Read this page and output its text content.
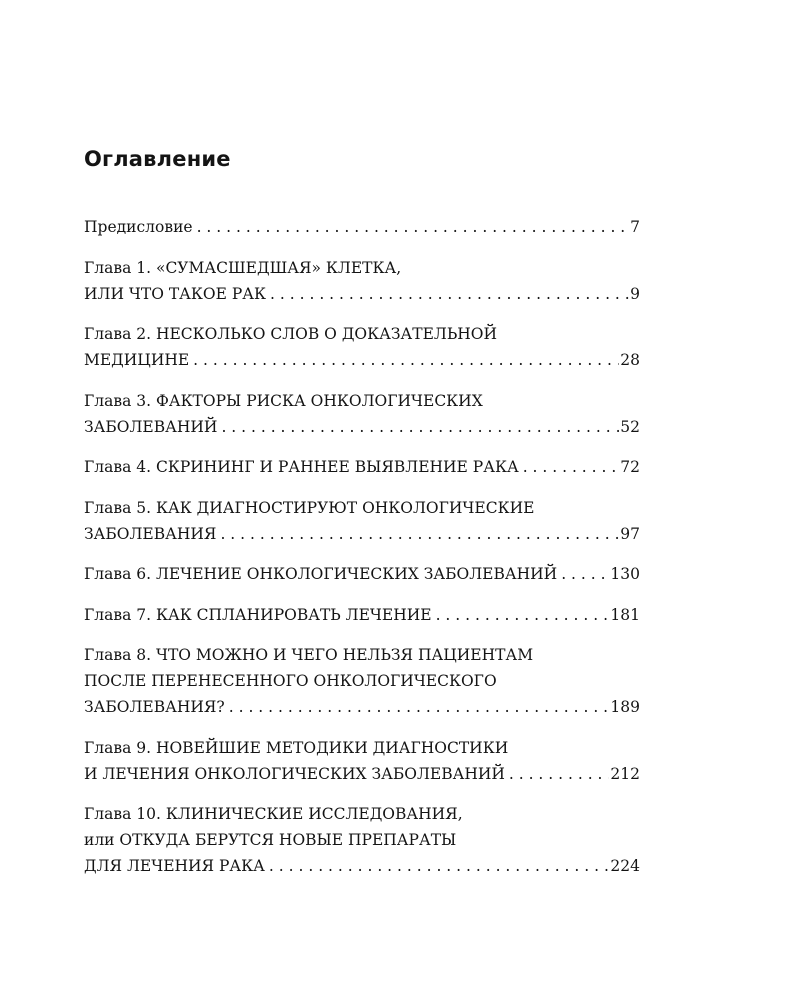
Оглавление
Предисловие . . .	7
Глава 1. «СУМАСШЕДШАЯ» КЛЕТКА,
ИЛИ ЧТО ТАКОЕ РАК . . .	9
Глава 2. НЕСКОЛЬКО СЛОВ О ДОКАЗАТЕЛЬНОЙ
МЕДИЦИНЕ . . .	28
Глава 3. ФАКТОРЫ РИСКА ОНКОЛОГИЧЕСКИХ
ЗАБОЛЕВАНИЙ . . .	52
Глава 4. СКРИНИНГ И РАННЕЕ ВЫЯВЛЕНИЕ РАКА . . .	72
Глава 5. КАК ДИАГНОСТИРУЮТ ОНКОЛОГИЧЕСКИЕ
ЗАБОЛЕВАНИЯ . . .	97
Глава 6. ЛЕЧЕНИЕ ОНКОЛОГИЧЕСКИХ ЗАБОЛЕВАНИЙ . . .	130
Глава 7. КАК СПЛАНИРОВАТЬ ЛЕЧЕНИЕ . . .	181
Глава 8. ЧТО МОЖНО И ЧЕГО НЕЛЬЗЯ ПАЦИЕНТАМ
ПОСЛЕ ПЕРЕНЕСЕННОГО ОНКОЛОГИЧЕСКОГО
ЗАБОЛЕВАНИЯ? . . .	189
Глава 9. НОВЕЙШИЕ МЕТОДИКИ ДИАГНОСТИКИ
И ЛЕЧЕНИЯ ОНКОЛОГИЧЕСКИХ ЗАБОЛЕВАНИЙ . . .	212
Глава 10. КЛИНИЧЕСКИЕ ИССЛЕДОВАНИЯ,
или ОТКУДА БЕРУТСЯ НОВЫЕ ПРЕПАРАТЫ
ДЛЯ ЛЕЧЕНИЯ РАКА . . .	224
